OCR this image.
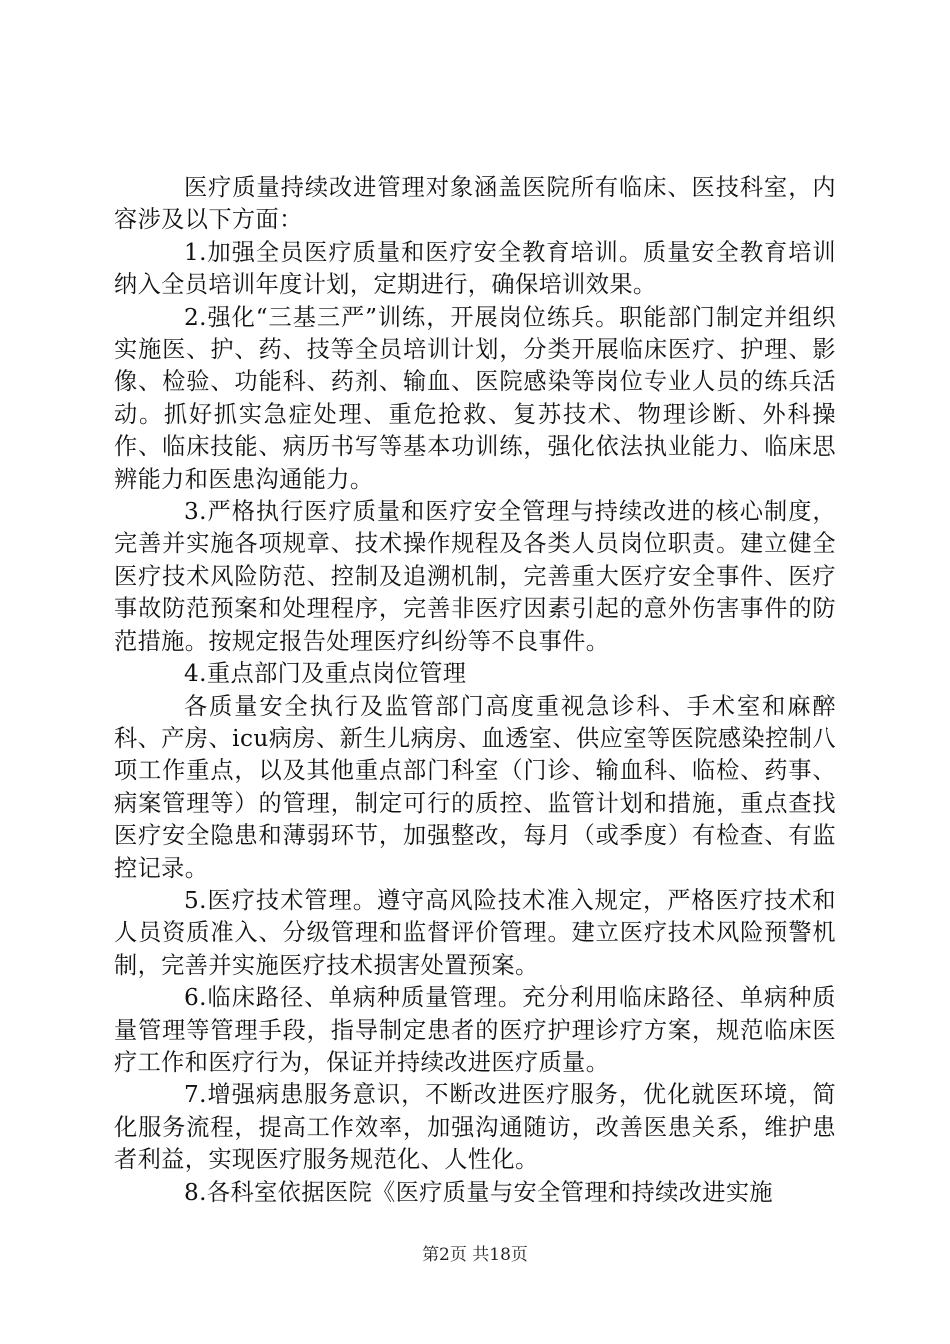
医疗质量持续改进管理对象涵盖医院所有临床、医技科室，内容涉及以下方面：

1.加强全员医疗质量和医疗安全教育培训。质量安全教育培训纳入全员培训年度计划，定期进行，确保培训效果。

2.强化“三基三严”训练，开展岗位练兵。职能部门制定并组织实施医、护、药、技等全员培训计划，分类开展临床医疗、护理、影像、检验、功能科、药剂、输血、医院感染等岗位专业人员的练兵活动。抓好抓实急症处理、重危抢救、复苏技术、物理诊断、外科操作、临床技能、病历书写等基本功训练，强化依法执业能力、临床思辨能力和医患沟通能力。

3.严格执行医疗质量和医疗安全管理与持续改进的核心制度，完善并实施各项规章、技术操作规程及各类人员岗位职责。建立健全医疗技术风险防范、控制及追溯机制，完善重大医疗安全事件、医疗事故防范预案和处理程序，完善非医疗因素引起的意外伤害事件的防范措施。按规定报告处理医疗纠纷等不良事件。

4.重点部门及重点岗位管理

各质量安全执行及监管部门高度重视急诊科、手术室和麻醉科、产房、icu病房、新生儿病房、血透室、供应室等医院感染控制八项工作重点，以及其他重点部门科室（门诊、输血科、临检、药事、病案管理等）的管理，制定可行的质控、监管计划和措施，重点查找医疗安全隐患和薄弱环节，加强整改，每月（或季度）有检查、有监控记录。

5.医疗技术管理。遵守高风险技术准入规定，严格医疗技术和人员资质准入、分级管理和监督评价管理。建立医疗技术风险预警机制，完善并实施医疗技术损害处置预案。

6.临床路径、单病种质量管理。充分利用临床路径、单病种质量管理等管理手段，指导制定患者的医疗护理诊疗方案，规范临床医疗工作和医疗行为，保证并持续改进医疗质量。

7.增强病患服务意识，不断改进医疗服务，优化就医环境，简化服务流程，提高工作效率，加强沟通随访，改善医患关系，维护患者利益，实现医疗服务规范化、人性化。

8.各科室依据医院《医疗质量与安全管理和持续改进实施

第2页 共18页
